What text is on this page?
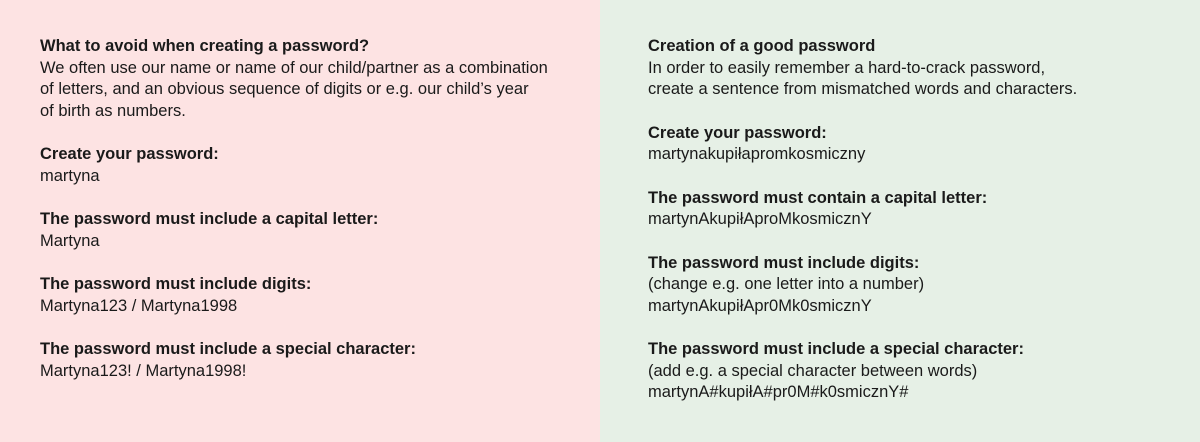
What to avoid when creating a password?

We often use our name or name of our child/partner as a combination

of letters, and an obvious sequence of digits or e.g. our child’s year

of birth as numbers.

Create your password:

martyna

The password must include a capital letter:

Martyna

The password must include digits:

Martyna123 / Martyna1998

The password must include a special character:

Martyna123! / Martyna1998!

Creation of a good password

In order to easily remember a hard-to-crack password,

create a sentence from mismatched words and characters.

Create your password:

martynakupiłapromkosmiczny

The password must contain a capital letter:

martynAkupiłAproMkosmicznY

The password must include digits:

(change e.g. one letter into a number)

martynAkupiłApr0Mk0smicznY

The password must include a special character:

(add e.g. a special character between words)

martynA#kupiłA#pr0M#k0smicznY#
